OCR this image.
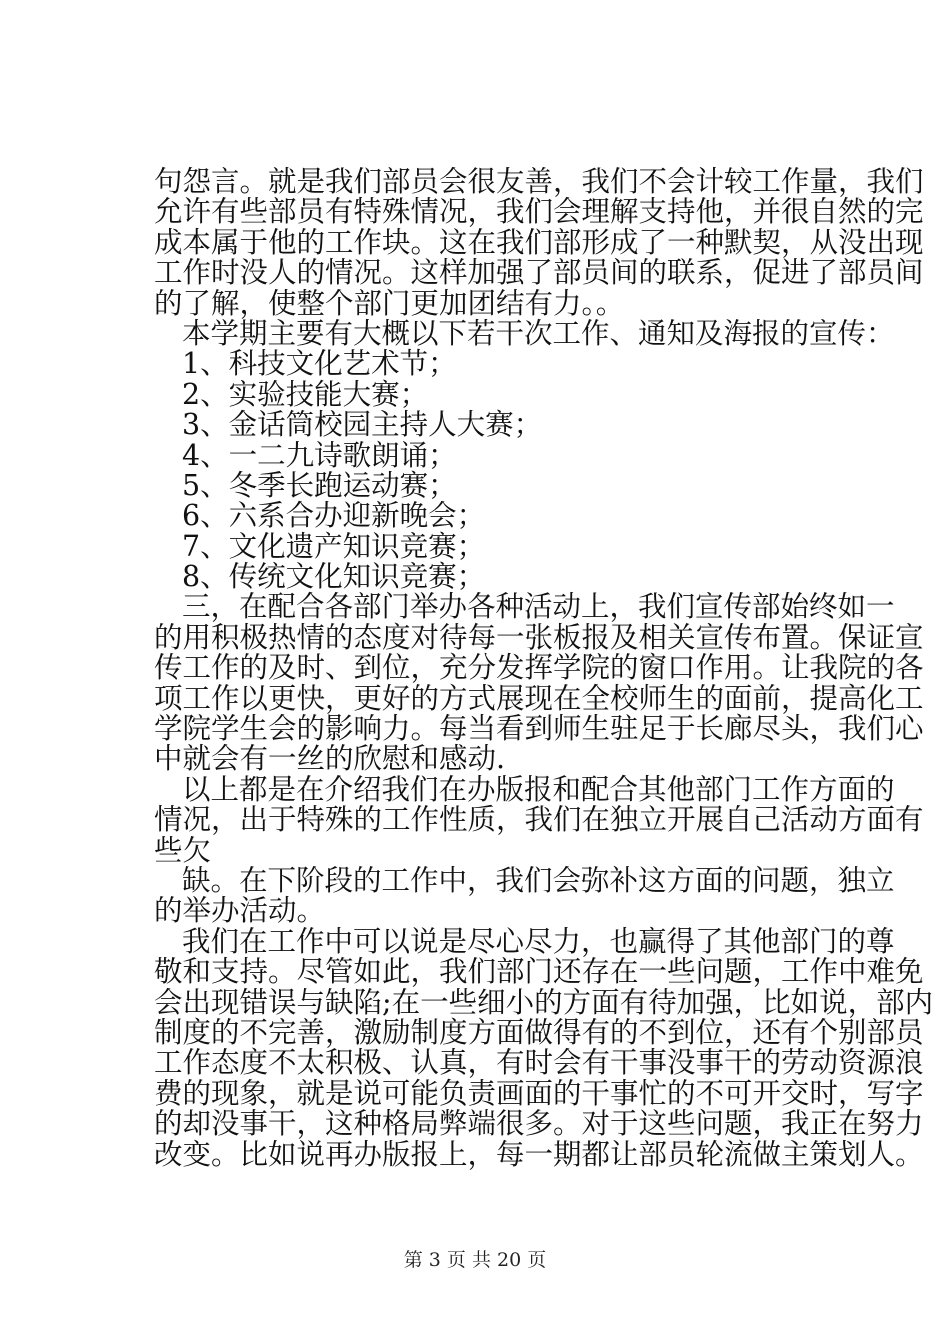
句怨言。就是我们部员会很友善，我们不会计较工作量，我们
允许有些部员有特殊情况，我们会理解支持他，并很自然的完
成本属于他的工作块。这在我们部形成了一种默契，从没出现
工作时没人的情况。这样加强了部员间的联系，促进了部员间
的了解，使整个部门更加团结有力。。
本学期主要有大概以下若干次工作、通知及海报的宣传：
1、科技文化艺术节；
2、实验技能大赛；
3、金话筒校园主持人大赛；
4、一二九诗歌朗诵；
5、冬季长跑运动赛；
6、六系合办迎新晚会；
7、文化遗产知识竞赛；
8、传统文化知识竞赛；
三，在配合各部门举办各种活动上，我们宣传部始终如一
的用积极热情的态度对待每一张板报及相关宣传布置。保证宣
传工作的及时、到位，充分发挥学院的窗口作用。让我院的各
项工作以更快，更好的方式展现在全校师生的面前，提高化工
学院学生会的影响力。每当看到师生驻足于长廊尽头，我们心
中就会有一丝的欣慰和感动.
以上都是在介绍我们在办版报和配合其他部门工作方面的
情况，出于特殊的工作性质，我们在独立开展自己活动方面有
些欠
缺。在下阶段的工作中，我们会弥补这方面的问题，独立
的举办活动。
我们在工作中可以说是尽心尽力，也赢得了其他部门的尊
敬和支持。尽管如此，我们部门还存在一些问题，工作中难免
会出现错误与缺陷;在一些细小的方面有待加强，比如说，部内
制度的不完善，激励制度方面做得有的不到位，还有个别部员
工作态度不太积极、认真，有时会有干事没事干的劳动资源浪
费的现象，就是说可能负责画面的干事忙的不可开交时，写字
的却没事干，这种格局弊端很多。对于这些问题，我正在努力
改变。比如说再办版报上，每一期都让部员轮流做主策划人。
第 3 页 共 20 页
